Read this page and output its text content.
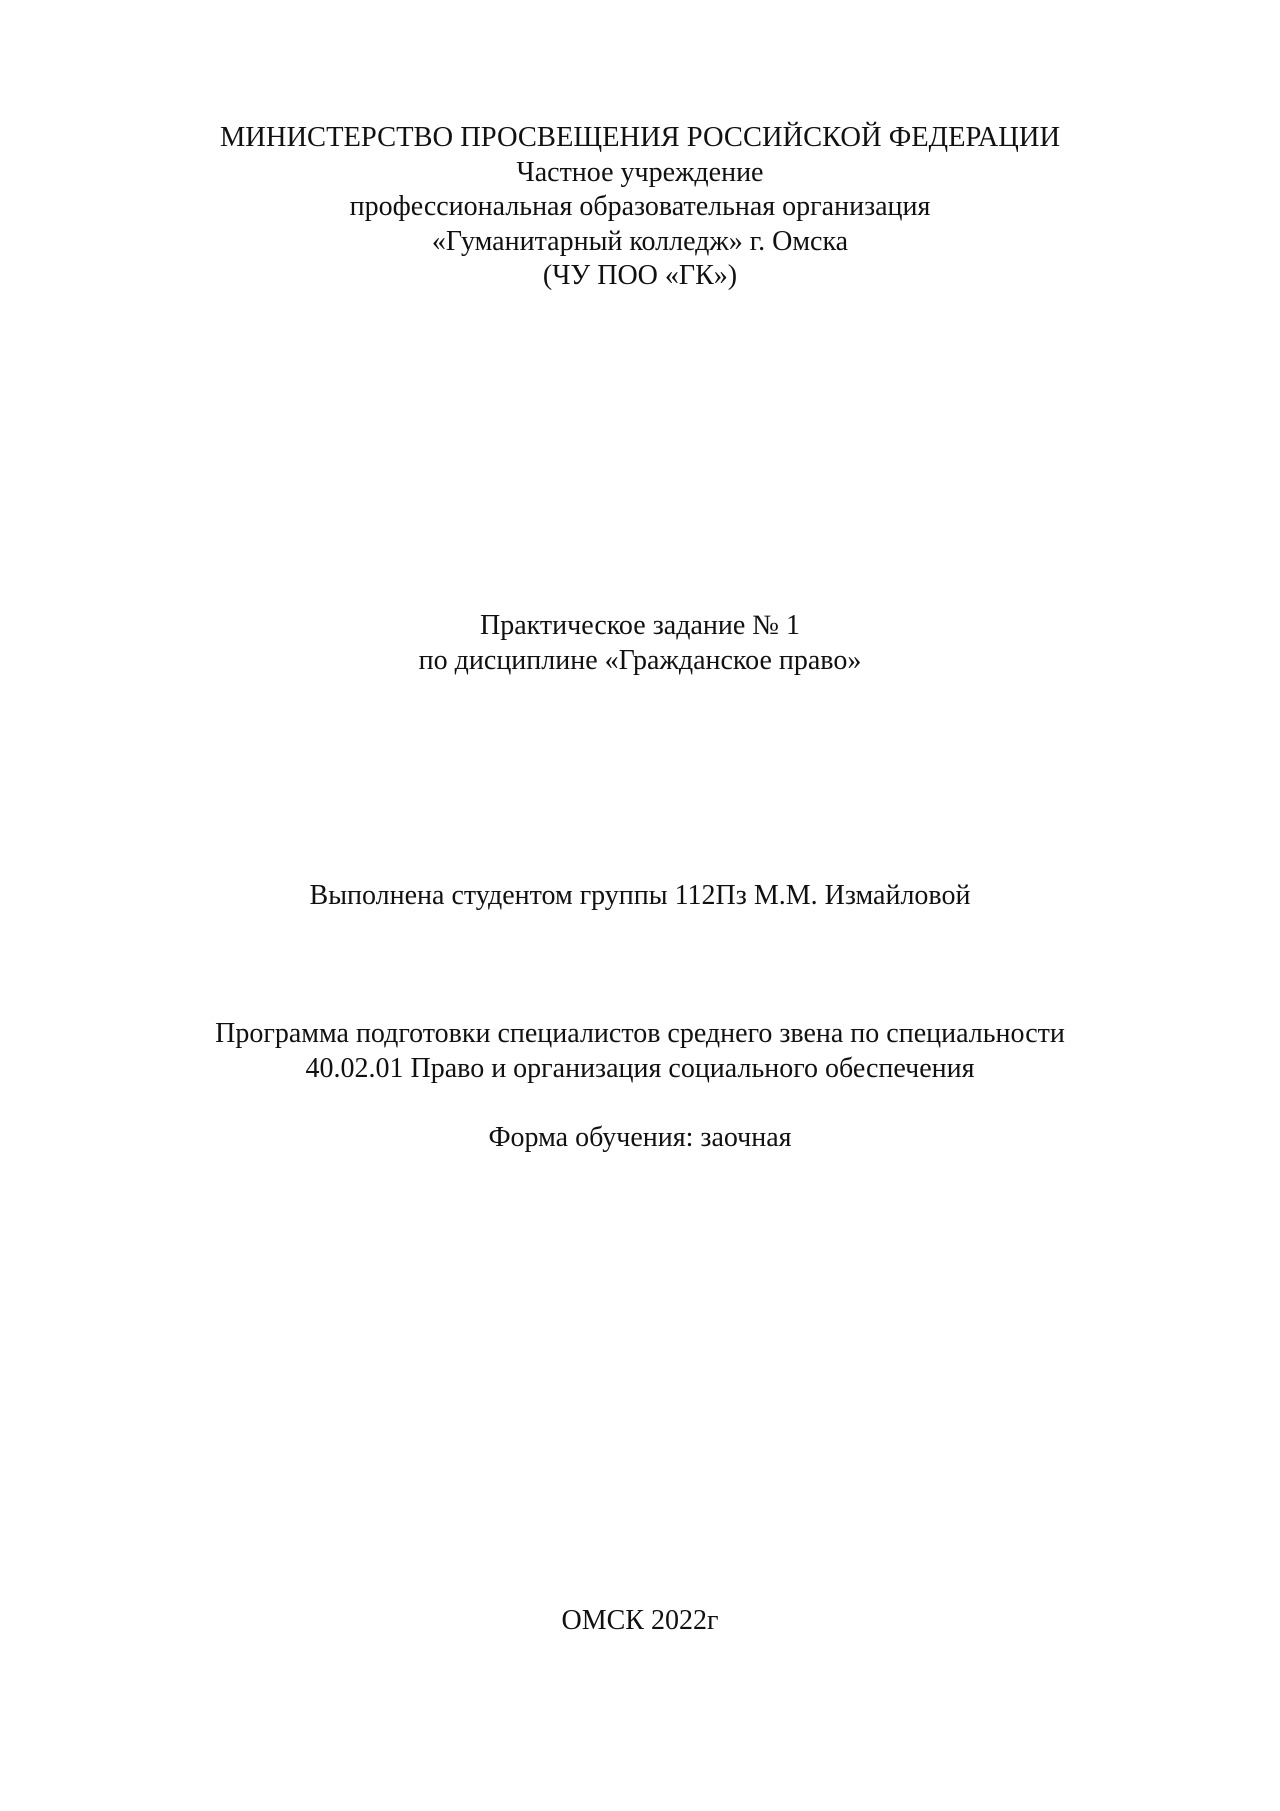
МИНИСТЕРСТВО ПРОСВЕЩЕНИЯ РОССИЙСКОЙ ФЕДЕРАЦИИ
Частное учреждение
профессиональная образовательная организация
«Гуманитарный колледж» г. Омска
(ЧУ ПОО «ГК»)
Практическое задание № 1
по дисциплине «Гражданское право»
Выполнена студентом группы 112Пз М.М. Измайловой
Программа подготовки специалистов среднего звена по специальности
40.02.01 Право и организация социального обеспечения
Форма обучения: заочная
ОМСК 2022г
